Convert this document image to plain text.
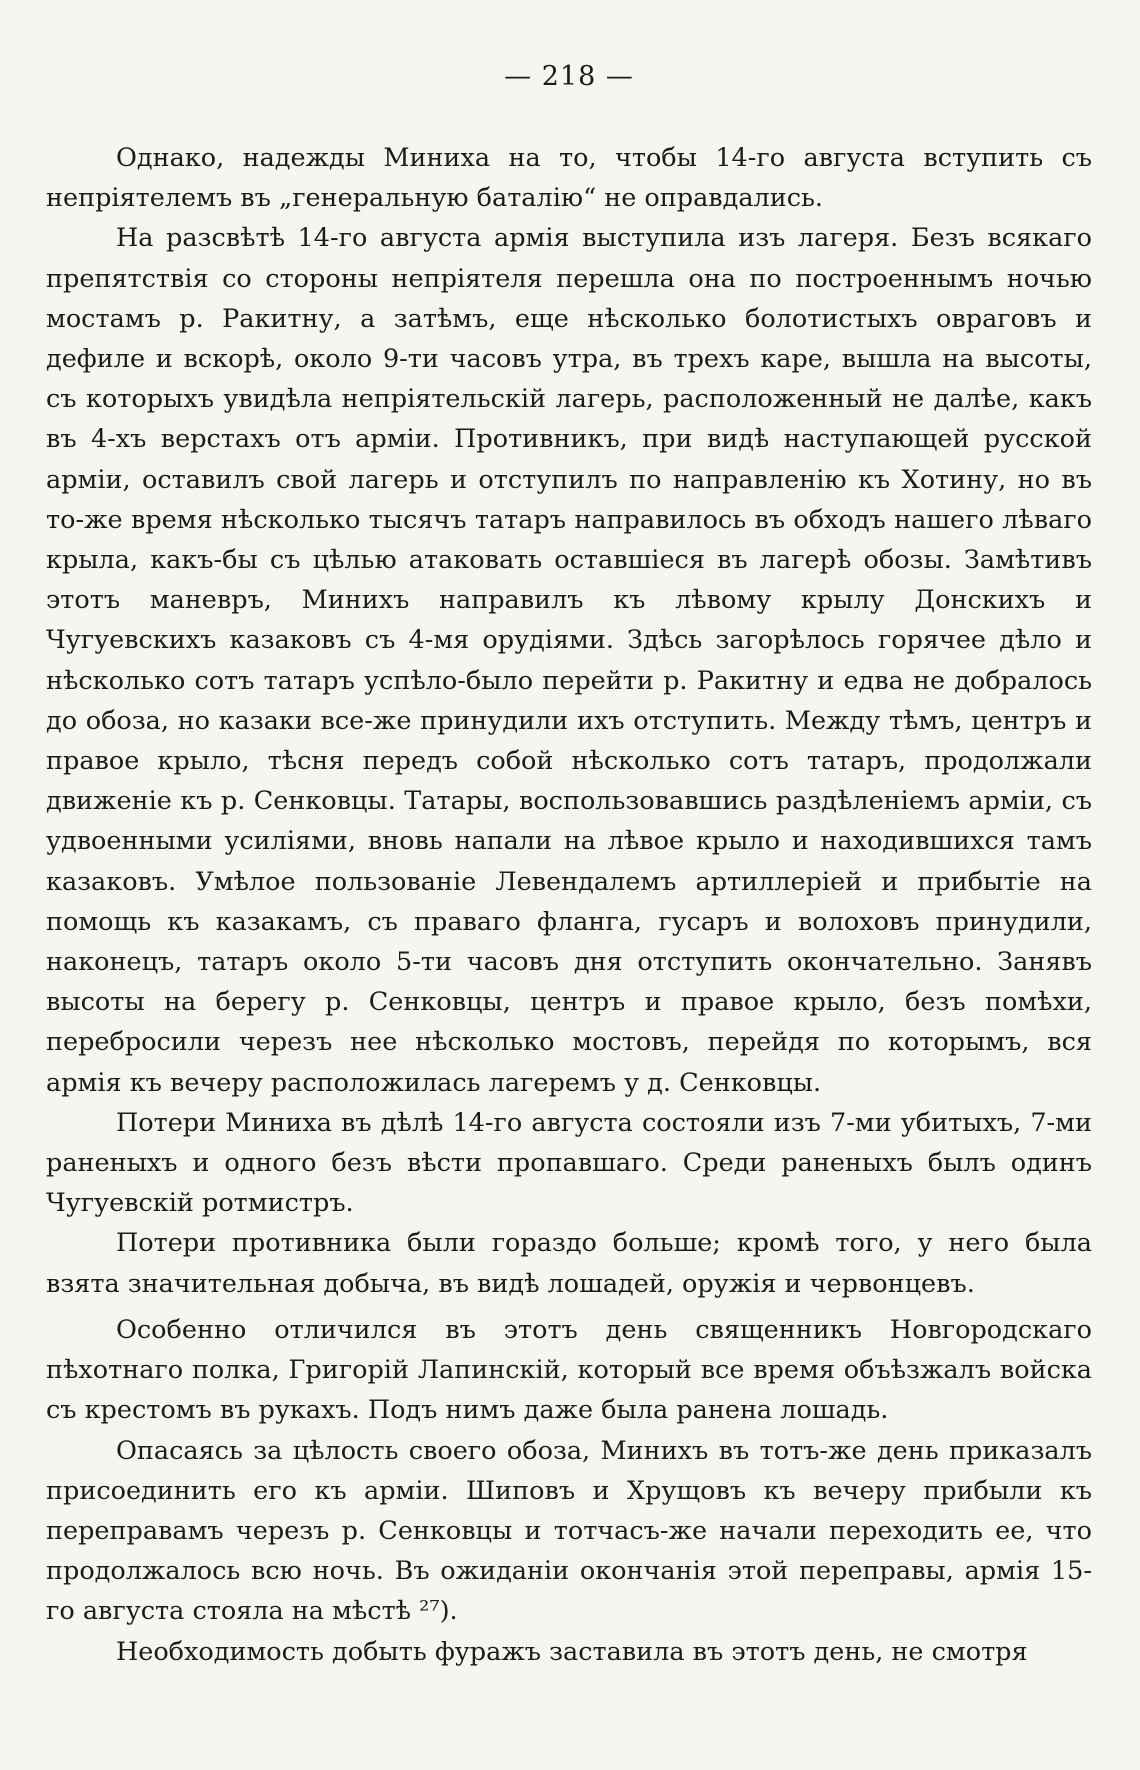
— 218 —

Однако, надежды Миниха на то, чтобы 14-го августа вступить съ непріятелемъ въ „генеральную баталію“ не оправдались.

На разсвѣтѣ 14-го августа армія выступила изъ лагеря. Безъ всякаго препятствія со стороны непріятеля перешла она по построеннымъ ночью мостамъ р. Ракитну, а затѣмъ, еще нѣсколько болотистыхъ овраговъ и дефиле и вскорѣ, около 9-ти часовъ утра, въ трехъ каре, вышла на высоты, съ которыхъ увидѣла непріятельскій лагерь, расположенный не далѣе, какъ въ 4-хъ верстахъ отъ арміи. Противникъ, при видѣ наступающей русской арміи, оставилъ свой лагерь и отступилъ по направленію къ Хотину, но въ то-же время нѣсколько тысячъ татаръ направилось въ обходъ нашего лѣваго крыла, какъ-бы съ цѣлью атаковать оставшіеся въ лагерѣ обозы. Замѣтивъ этотъ маневръ, Минихъ направилъ къ лѣвому крылу Донскихъ и Чугуевскихъ казаковъ съ 4-мя орудіями. Здѣсь загорѣлось горячее дѣло и нѣсколько сотъ татаръ успѣло-было перейти р. Ракитну и едва не добралось до обоза, но казаки все-же принудили ихъ отступить. Между тѣмъ, центръ и правое крыло, тѣсня передъ собой нѣсколько сотъ татаръ, продолжали движеніе къ р. Сенковцы. Татары, воспользовавшись раздѣленіемъ арміи, съ удвоенными усиліями, вновь напали на лѣвое крыло и находившихся тамъ казаковъ. Умѣлое пользованіе Левендалемъ артиллеріей и прибытіе на помощь къ казакамъ, съ праваго фланга, гусаръ и волоховъ принудили, наконецъ, татаръ около 5-ти часовъ дня отступить окончательно. Занявъ высоты на берегу р. Сенковцы, центръ и правое крыло, безъ помѣхи, перебросили черезъ нее нѣсколько мостовъ, перейдя по которымъ, вся армія къ вечеру расположилась лагеремъ у д. Сенковцы.

Потери Миниха въ дѣлѣ 14-го августа состояли изъ 7-ми убитыхъ, 7-ми раненыхъ и одного безъ вѣсти пропавшаго. Среди раненыхъ былъ одинъ Чугуевскій ротмистръ.

Потери противника были гораздо больше; кромѣ того, у него была взята значительная добыча, въ видѣ лошадей, оружія и червонцевъ.

Особенно отличился въ этотъ день священникъ Новгородскаго пѣхотнаго полка, Григорій Лапинскій, который все время объѣзжалъ войска съ крестомъ въ рукахъ. Подъ нимъ даже была ранена лошадь.

Опасаясь за цѣлость своего обоза, Минихъ въ тотъ-же день приказалъ присоединить его къ арміи. Шиповъ и Хрущовъ къ вечеру прибыли къ переправамъ черезъ р. Сенковцы и тотчасъ-же начали переходить ее, что продолжалось всю ночь. Въ ожиданіи окончанія этой переправы, армія 15-го августа стояла на мѣстѣ ²⁷).

Необходимость добыть фуражъ заставила въ этотъ день, не смотря
